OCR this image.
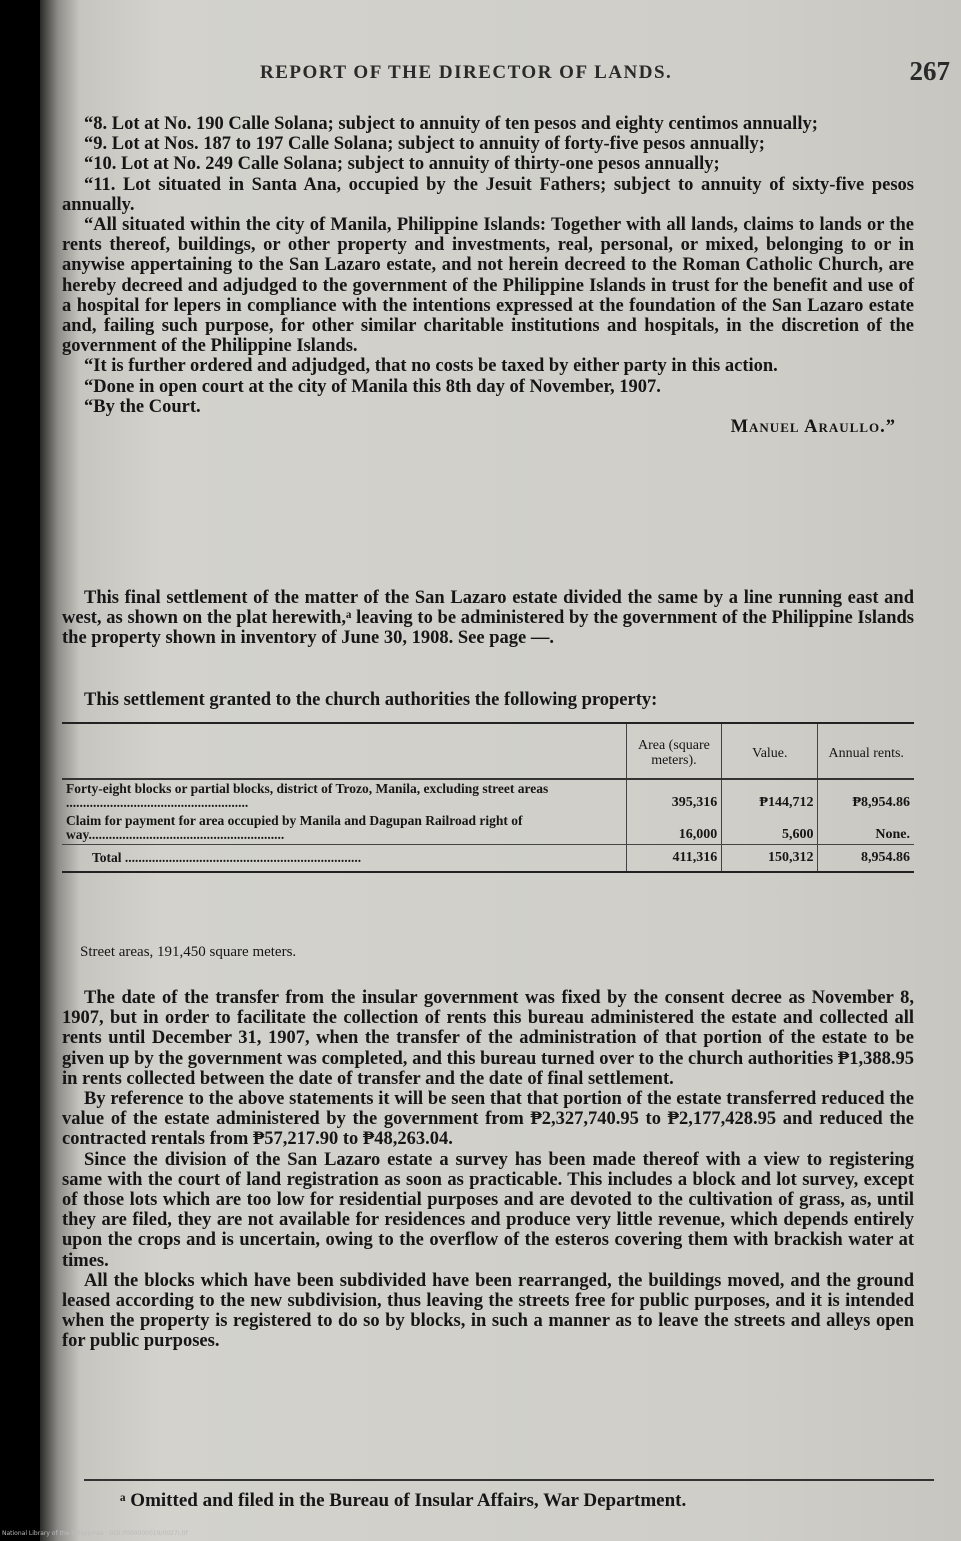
REPORT OF THE DIRECTOR OF LANDS.	267

“8. Lot at No. 190 Calle Solana; subject to annuity of ten pesos and eighty centimos annually;

“9. Lot at Nos. 187 to 197 Calle Solana; subject to annuity of forty-five pesos annually;

“10. Lot at No. 249 Calle Solana; subject to annuity of thirty-one pesos annually;

“11. Lot situated in Santa Ana, occupied by the Jesuit Fathers; subject to annuity of sixty-five pesos annually.

“All situated within the city of Manila, Philippine Islands: Together with all lands, claims to lands or the rents thereof, buildings, or other property and investments, real, personal, or mixed, belonging to or in anywise appertaining to the San Lazaro estate, and not herein decreed to the Roman Catholic Church, are hereby decreed and adjudged to the government of the Philippine Islands in trust for the benefit and use of a hospital for lepers in compliance with the intentions expressed at the foundation of the San Lazaro estate and, failing such purpose, for other similar charitable institutions and hospitals, in the discretion of the government of the Philippine Islands.

“It is further ordered and adjudged, that no costs be taxed by either party in this action.

“Done in open court at the city of Manila this 8th day of November, 1907.

“By the Court.

Manuel Araullo.”

This final settlement of the matter of the San Lazaro estate divided the same by a line running east and west, as shown on the plat herewith,ᵃ leaving to be administered by the government of the Philippine Islands the property shown in inventory of June 30, 1908. See page —.

This settlement granted to the church authorities the following property:

	Area (square meters).	Value.	Annual rents.
Forty-eight blocks or partial blocks, district of Trozo, Manila, excluding street areas ......................................................	395,316	₱144,712	₱8,954.86
Claim for payment for area occupied by Manila and Dagupan Railroad right of way..........................................................	16,000	5,600	None.
Total ......................................................................	411,316	150,312	8,954.86
Street areas, 191,450 square meters.

The date of the transfer from the insular government was fixed by the consent decree as November 8, 1907, but in order to facilitate the collection of rents this bureau administered the estate and collected all rents until December 31, 1907, when the transfer of the administration of that portion of the estate to be given up by the government was completed, and this bureau turned over to the church authorities ₱1,388.95 in rents collected between the date of transfer and the date of final settlement.

By reference to the above statements it will be seen that that portion of the estate transferred reduced the value of the estate administered by the government from ₱2,327,740.95 to ₱2,177,428.95 and reduced the contracted rentals from ₱57,217.90 to ₱48,263.04.

Since the division of the San Lazaro estate a survey has been made thereof with a view to registering same with the court of land registration as soon as practicable. This includes a block and lot survey, except of those lots which are too low for residential purposes and are devoted to the cultivation of grass, as, until they are filed, they are not available for residences and produce very little revenue, which depends entirely upon the crops and is uncertain, owing to the overflow of the esteros covering them with brackish water at times.

All the blocks which have been subdivided have been rearranged, the buildings moved, and the ground leased according to the new subdivision, thus leaving the streets free for public purposes, and it is intended when the property is registered to do so by blocks, in such a manner as to leave the streets and alleys open for public purposes.

ᵃ Omitted and filed in the Bureau of Insular Affairs, War Department.
National Library of the Philippines · DOI:P000000019/0027I.tif
